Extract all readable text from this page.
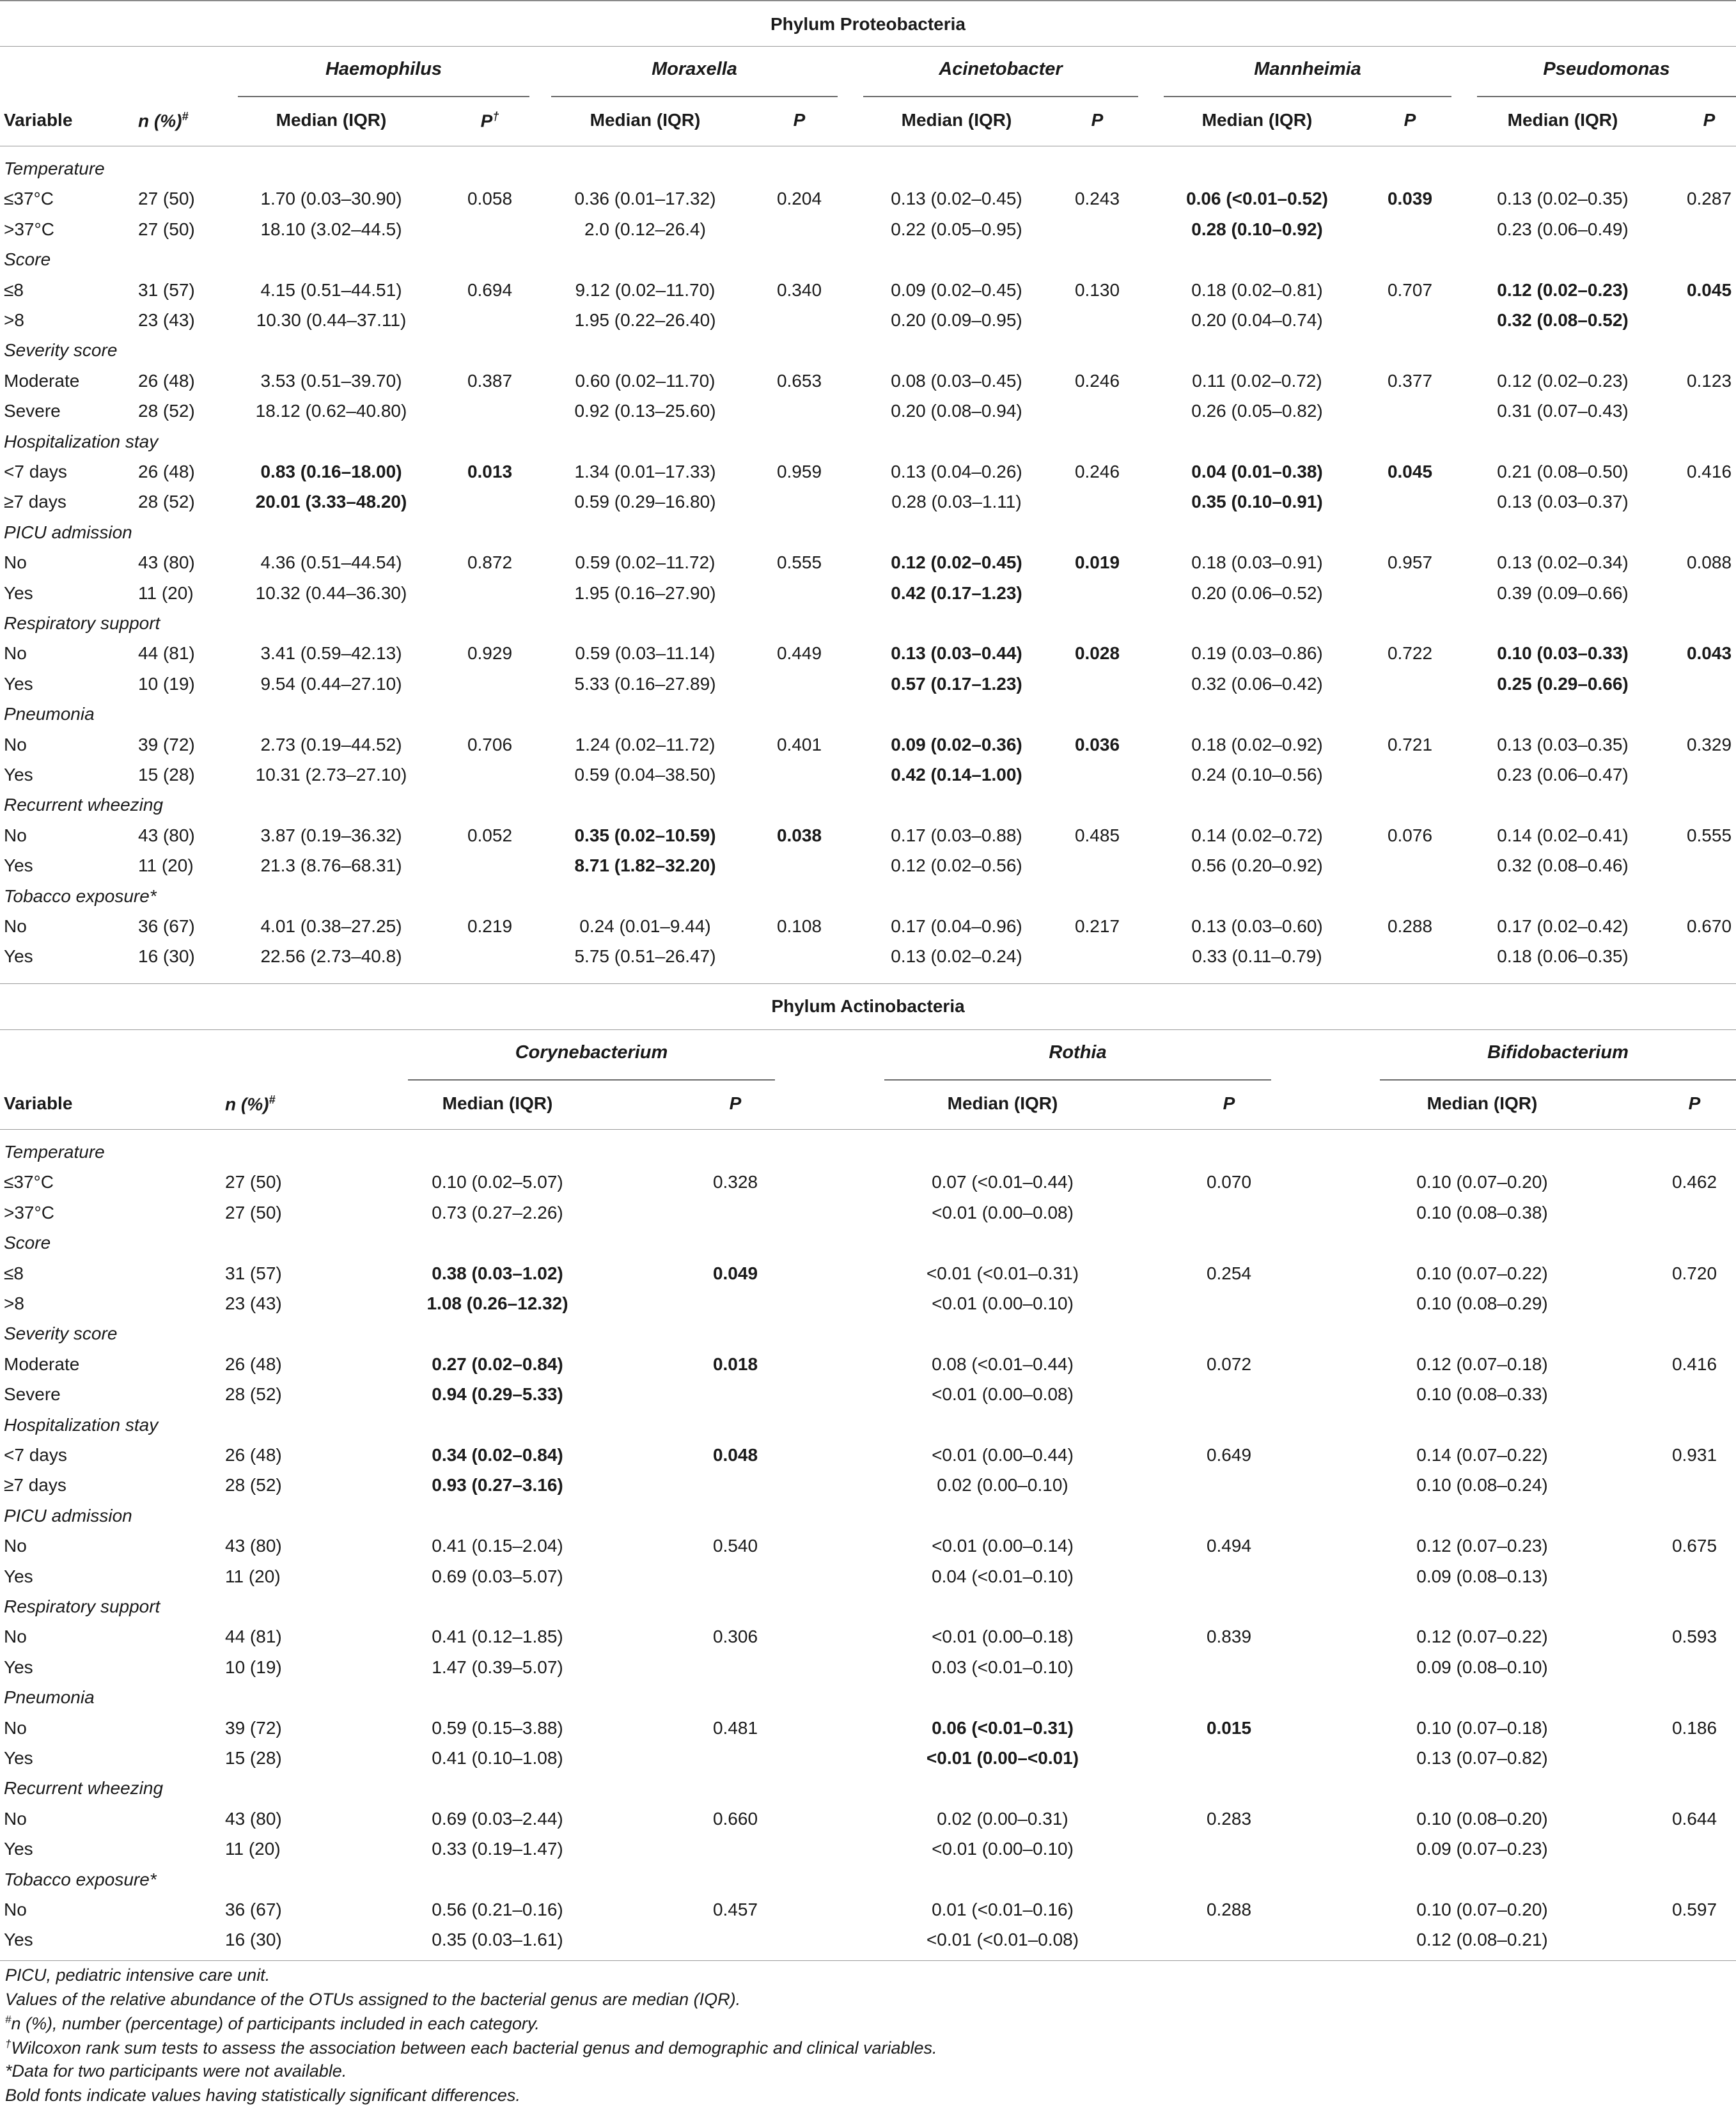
Phylum Proteobacteria
Haemophilus	Moraxella	Acinetobacter	Mannheimia	Pseudomonas
Variable	n (%)#	Median (IQR)	P†	Median (IQR)	P	Median (IQR)	P	Median (IQR)	P	Median (IQR)	P
Temperature
≤37°C	27 (50)	1.70 (0.03–30.90)	0.058	0.36 (0.01–17.32)	0.204	0.13 (0.02–0.45)	0.243	0.06 (<0.01–0.52)	0.039	0.13 (0.02–0.35)	0.287
>37°C	27 (50)	18.10 (3.02–44.5)	2.0 (0.12–26.4)	0.22 (0.05–0.95)	0.28 (0.10–0.92)	0.23 (0.06–0.49)
Score
≤8	31 (57)	4.15 (0.51–44.51)	0.694	9.12 (0.02–11.70)	0.340	0.09 (0.02–0.45)	0.130	0.18 (0.02–0.81)	0.707	0.12 (0.02–0.23)	0.045
>8	23 (43)	10.30 (0.44–37.11)	1.95 (0.22–26.40)	0.20 (0.09–0.95)	0.20 (0.04–0.74)	0.32 (0.08–0.52)
Severity score
Moderate	26 (48)	3.53 (0.51–39.70)	0.387	0.60 (0.02–11.70)	0.653	0.08 (0.03–0.45)	0.246	0.11 (0.02–0.72)	0.377	0.12 (0.02–0.23)	0.123
Severe	28 (52)	18.12 (0.62–40.80)	0.92 (0.13–25.60)	0.20 (0.08–0.94)	0.26 (0.05–0.82)	0.31 (0.07–0.43)
Hospitalization stay
<7 days	26 (48)	0.83 (0.16–18.00)	0.013	1.34 (0.01–17.33)	0.959	0.13 (0.04–0.26)	0.246	0.04 (0.01–0.38)	0.045	0.21 (0.08–0.50)	0.416
≥7 days	28 (52)	20.01 (3.33–48.20)	0.59 (0.29–16.80)	0.28 (0.03–1.11)	0.35 (0.10–0.91)	0.13 (0.03–0.37)
PICU admission
No	43 (80)	4.36 (0.51–44.54)	0.872	0.59 (0.02–11.72)	0.555	0.12 (0.02–0.45)	0.019	0.18 (0.03–0.91)	0.957	0.13 (0.02–0.34)	0.088
Yes	11 (20)	10.32 (0.44–36.30)	1.95 (0.16–27.90)	0.42 (0.17–1.23)	0.20 (0.06–0.52)	0.39 (0.09–0.66)
Respiratory support
No	44 (81)	3.41 (0.59–42.13)	0.929	0.59 (0.03–11.14)	0.449	0.13 (0.03–0.44)	0.028	0.19 (0.03–0.86)	0.722	0.10 (0.03–0.33)	0.043
Yes	10 (19)	9.54 (0.44–27.10)	5.33 (0.16–27.89)	0.57 (0.17–1.23)	0.32 (0.06–0.42)	0.25 (0.29–0.66)
Pneumonia
No	39 (72)	2.73 (0.19–44.52)	0.706	1.24 (0.02–11.72)	0.401	0.09 (0.02–0.36)	0.036	0.18 (0.02–0.92)	0.721	0.13 (0.03–0.35)	0.329
Yes	15 (28)	10.31 (2.73–27.10)	0.59 (0.04–38.50)	0.42 (0.14–1.00)	0.24 (0.10–0.56)	0.23 (0.06–0.47)
Recurrent wheezing
No	43 (80)	3.87 (0.19–36.32)	0.052	0.35 (0.02–10.59)	0.038	0.17 (0.03–0.88)	0.485	0.14 (0.02–0.72)	0.076	0.14 (0.02–0.41)	0.555
Yes	11 (20)	21.3 (8.76–68.31)	8.71 (1.82–32.20)	0.12 (0.02–0.56)	0.56 (0.20–0.92)	0.32 (0.08–0.46)
Tobacco exposure*
No	36 (67)	4.01 (0.38–27.25)	0.219	0.24 (0.01–9.44)	0.108	0.17 (0.04–0.96)	0.217	0.13 (0.03–0.60)	0.288	0.17 (0.02–0.42)	0.670
Yes	16 (30)	22.56 (2.73–40.8)	5.75 (0.51–26.47)	0.13 (0.02–0.24)	0.33 (0.11–0.79)	0.18 (0.06–0.35)
Phylum Actinobacteria
Corynebacterium	Rothia	Bifidobacterium
Variable	n (%)#	Median (IQR)	P	Median (IQR)	P	Median (IQR)	P
Temperature
≤37°C	27 (50)	0.10 (0.02–5.07)	0.328	0.07 (<0.01–0.44)	0.070	0.10 (0.07–0.20)	0.462
>37°C	27 (50)	0.73 (0.27–2.26)	<0.01 (0.00–0.08)	0.10 (0.08–0.38)
Score
≤8	31 (57)	0.38 (0.03–1.02)	0.049	<0.01 (<0.01–0.31)	0.254	0.10 (0.07–0.22)	0.720
>8	23 (43)	1.08 (0.26–12.32)	<0.01 (0.00–0.10)	0.10 (0.08–0.29)
Severity score
Moderate	26 (48)	0.27 (0.02–0.84)	0.018	0.08 (<0.01–0.44)	0.072	0.12 (0.07–0.18)	0.416
Severe	28 (52)	0.94 (0.29–5.33)	<0.01 (0.00–0.08)	0.10 (0.08–0.33)
Hospitalization stay
<7 days	26 (48)	0.34 (0.02–0.84)	0.048	<0.01 (0.00–0.44)	0.649	0.14 (0.07–0.22)	0.931
≥7 days	28 (52)	0.93 (0.27–3.16)	0.02 (0.00–0.10)	0.10 (0.08–0.24)
PICU admission
No	43 (80)	0.41 (0.15–2.04)	0.540	<0.01 (0.00–0.14)	0.494	0.12 (0.07–0.23)	0.675
Yes	11 (20)	0.69 (0.03–5.07)	0.04 (<0.01–0.10)	0.09 (0.08–0.13)
Respiratory support
No	44 (81)	0.41 (0.12–1.85)	0.306	<0.01 (0.00–0.18)	0.839	0.12 (0.07–0.22)	0.593
Yes	10 (19)	1.47 (0.39–5.07)	0.03 (<0.01–0.10)	0.09 (0.08–0.10)
Pneumonia
No	39 (72)	0.59 (0.15–3.88)	0.481	0.06 (<0.01–0.31)	0.015	0.10 (0.07–0.18)	0.186
Yes	15 (28)	0.41 (0.10–1.08)	<0.01 (0.00–<0.01)	0.13 (0.07–0.82)
Recurrent wheezing
No	43 (80)	0.69 (0.03–2.44)	0.660	0.02 (0.00–0.31)	0.283	0.10 (0.08–0.20)	0.644
Yes	11 (20)	0.33 (0.19–1.47)	<0.01 (0.00–0.10)	0.09 (0.07–0.23)
Tobacco exposure*
No	36 (67)	0.56 (0.21–0.16)	0.457	0.01 (<0.01–0.16)	0.288	0.10 (0.07–0.20)	0.597
Yes	16 (30)	0.35 (0.03–1.61)	<0.01 (<0.01–0.08)	0.12 (0.08–0.21)
PICU, pediatric intensive care unit.
Values of the relative abundance of the OTUs assigned to the bacterial genus are median (IQR).
#n (%), number (percentage) of participants included in each category.
†Wilcoxon rank sum tests to assess the association between each bacterial genus and demographic and clinical variables.
*Data for two participants were not available.
Bold fonts indicate values having statistically significant differences.
